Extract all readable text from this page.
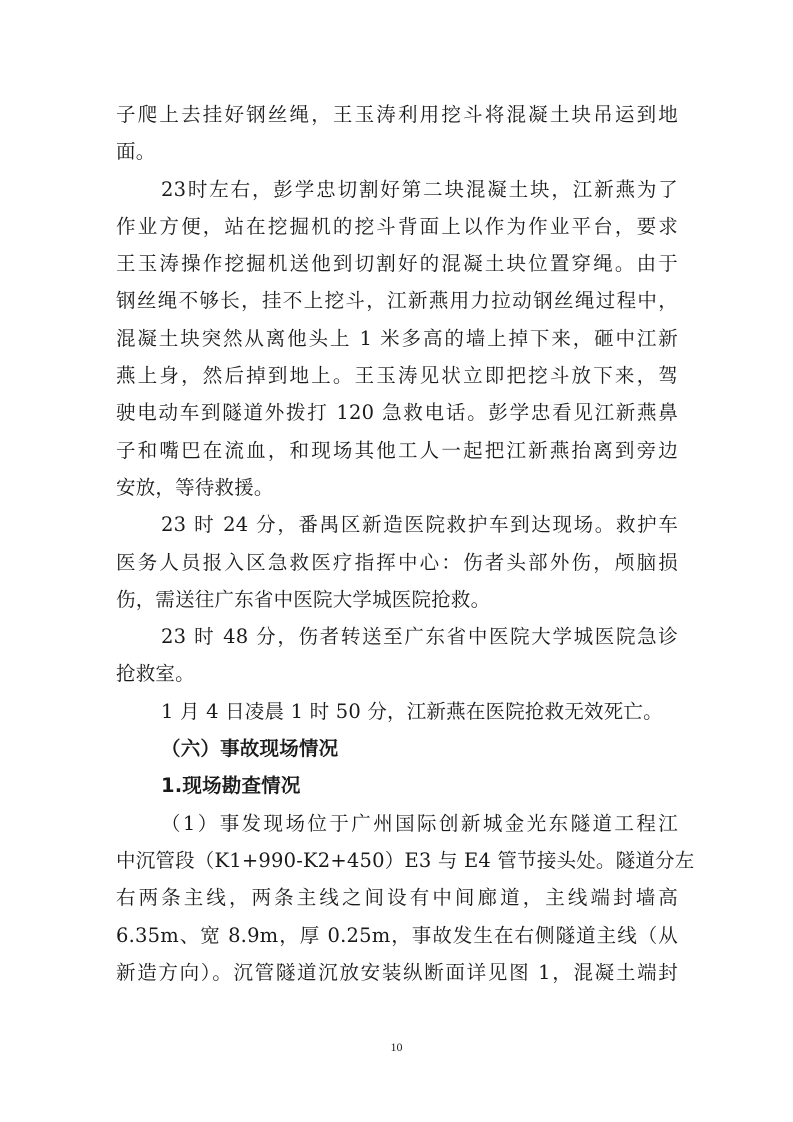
子爬上去挂好钢丝绳，王玉涛利用挖斗将混凝土块吊运到地
面。
23时左右，彭学忠切割好第二块混凝土块，江新燕为了
作业方便，站在挖掘机的挖斗背面上以作为作业平台，要求
王玉涛操作挖掘机送他到切割好的混凝土块位置穿绳。由于
钢丝绳不够长，挂不上挖斗，江新燕用力拉动钢丝绳过程中，
混凝土块突然从离他头上 1 米多高的墙上掉下来，砸中江新
燕上身，然后掉到地上。王玉涛见状立即把挖斗放下来，驾
驶电动车到隧道外拨打 120 急救电话。彭学忠看见江新燕鼻
子和嘴巴在流血，和现场其他工人一起把江新燕抬离到旁边
安放，等待救援。
23 时 24 分，番禺区新造医院救护车到达现场。救护车
医务人员报入区急救医疗指挥中心：伤者头部外伤，颅脑损
伤，需送往广东省中医院大学城医院抢救。
23 时 48 分，伤者转送至广东省中医院大学城医院急诊
抢救室。
1 月 4 日凌晨 1 时 50 分，江新燕在医院抢救无效死亡。
（六）事故现场情况
1.现场勘查情况
（1）事发现场位于广州国际创新城金光东隧道工程江
中沉管段（K1+990-K2+450）E3 与 E4 管节接头处。隧道分左
右两条主线，两条主线之间设有中间廊道，主线端封墙高
6.35m、宽 8.9m，厚 0.25m，事故发生在右侧隧道主线（从
新造方向）。沉管隧道沉放安装纵断面详见图 1，混凝土端封
10
